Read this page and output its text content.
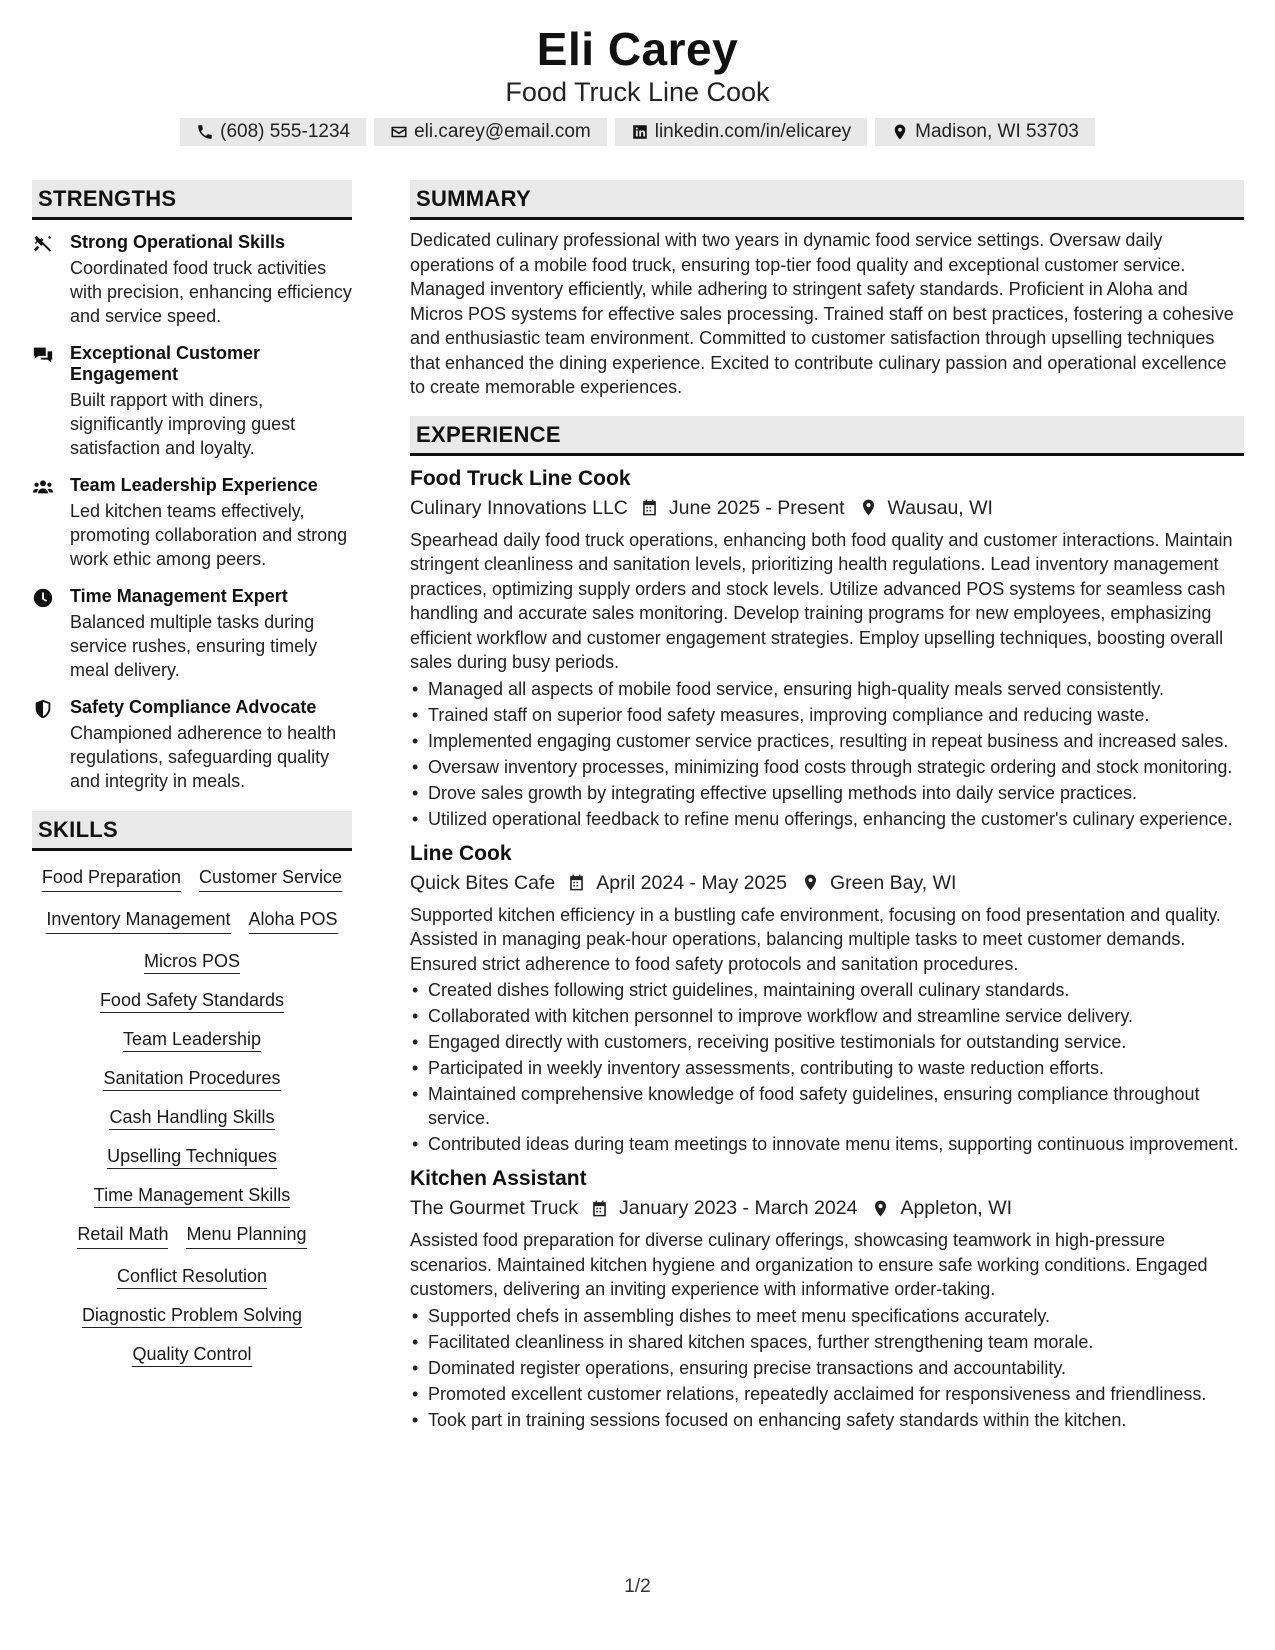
Eli Carey
Food Truck Line Cook
(608) 555-1234	eli.carey@email.com	linkedin.com/in/elicarey	Madison, WI 53703
STRENGTHS
Strong Operational Skills
Coordinated food truck activities with precision, enhancing efficiency and service speed.
Exceptional Customer Engagement
Built rapport with diners, significantly improving guest satisfaction and loyalty.
Team Leadership Experience
Led kitchen teams effectively, promoting collaboration and strong work ethic among peers.
Time Management Expert
Balanced multiple tasks during service rushes, ensuring timely meal delivery.
Safety Compliance Advocate
Championed adherence to health regulations, safeguarding quality and integrity in meals.
SKILLS
Food Preparation Customer Service
Inventory Management Aloha POS
Micros POS
Food Safety Standards
Team Leadership
Sanitation Procedures
Cash Handling Skills
Upselling Techniques
Time Management Skills
Retail Math Menu Planning
Conflict Resolution
Diagnostic Problem Solving
Quality Control
SUMMARY
Dedicated culinary professional with two years in dynamic food service settings. Oversaw daily operations of a mobile food truck, ensuring top-tier food quality and exceptional customer service. Managed inventory efficiently, while adhering to stringent safety standards. Proficient in Aloha and Micros POS systems for effective sales processing. Trained staff on best practices, fostering a cohesive and enthusiastic team environment. Committed to customer satisfaction through upselling techniques that enhanced the dining experience. Excited to contribute culinary passion and operational excellence to create memorable experiences.
EXPERIENCE
Food Truck Line Cook
Culinary Innovations LLC June 2025 - Present Wausau, WI
Spearhead daily food truck operations, enhancing both food quality and customer interactions. Maintain stringent cleanliness and sanitation levels, prioritizing health regulations. Lead inventory management practices, optimizing supply orders and stock levels. Utilize advanced POS systems for seamless cash handling and accurate sales monitoring. Develop training programs for new employees, emphasizing efficient workflow and customer engagement strategies. Employ upselling techniques, boosting overall sales during busy periods.
• Managed all aspects of mobile food service, ensuring high-quality meals served consistently.
• Trained staff on superior food safety measures, improving compliance and reducing waste.
• Implemented engaging customer service practices, resulting in repeat business and increased sales.
• Oversaw inventory processes, minimizing food costs through strategic ordering and stock monitoring.
• Drove sales growth by integrating effective upselling methods into daily service practices.
• Utilized operational feedback to refine menu offerings, enhancing the customer's culinary experience.
Line Cook
Quick Bites Cafe April 2024 - May 2025 Green Bay, WI
Supported kitchen efficiency in a bustling cafe environment, focusing on food presentation and quality. Assisted in managing peak-hour operations, balancing multiple tasks to meet customer demands. Ensured strict adherence to food safety protocols and sanitation procedures.
• Created dishes following strict guidelines, maintaining overall culinary standards.
• Collaborated with kitchen personnel to improve workflow and streamline service delivery.
• Engaged directly with customers, receiving positive testimonials for outstanding service.
• Participated in weekly inventory assessments, contributing to waste reduction efforts.
• Maintained comprehensive knowledge of food safety guidelines, ensuring compliance throughout service.
• Contributed ideas during team meetings to innovate menu items, supporting continuous improvement.
Kitchen Assistant
The Gourmet Truck January 2023 - March 2024 Appleton, WI
Assisted food preparation for diverse culinary offerings, showcasing teamwork in high-pressure scenarios. Maintained kitchen hygiene and organization to ensure safe working conditions. Engaged customers, delivering an inviting experience with informative order-taking.
• Supported chefs in assembling dishes to meet menu specifications accurately.
• Facilitated cleanliness in shared kitchen spaces, further strengthening team morale.
• Dominated register operations, ensuring precise transactions and accountability.
• Promoted excellent customer relations, repeatedly acclaimed for responsiveness and friendliness.
• Took part in training sessions focused on enhancing safety standards within the kitchen.
1/2
